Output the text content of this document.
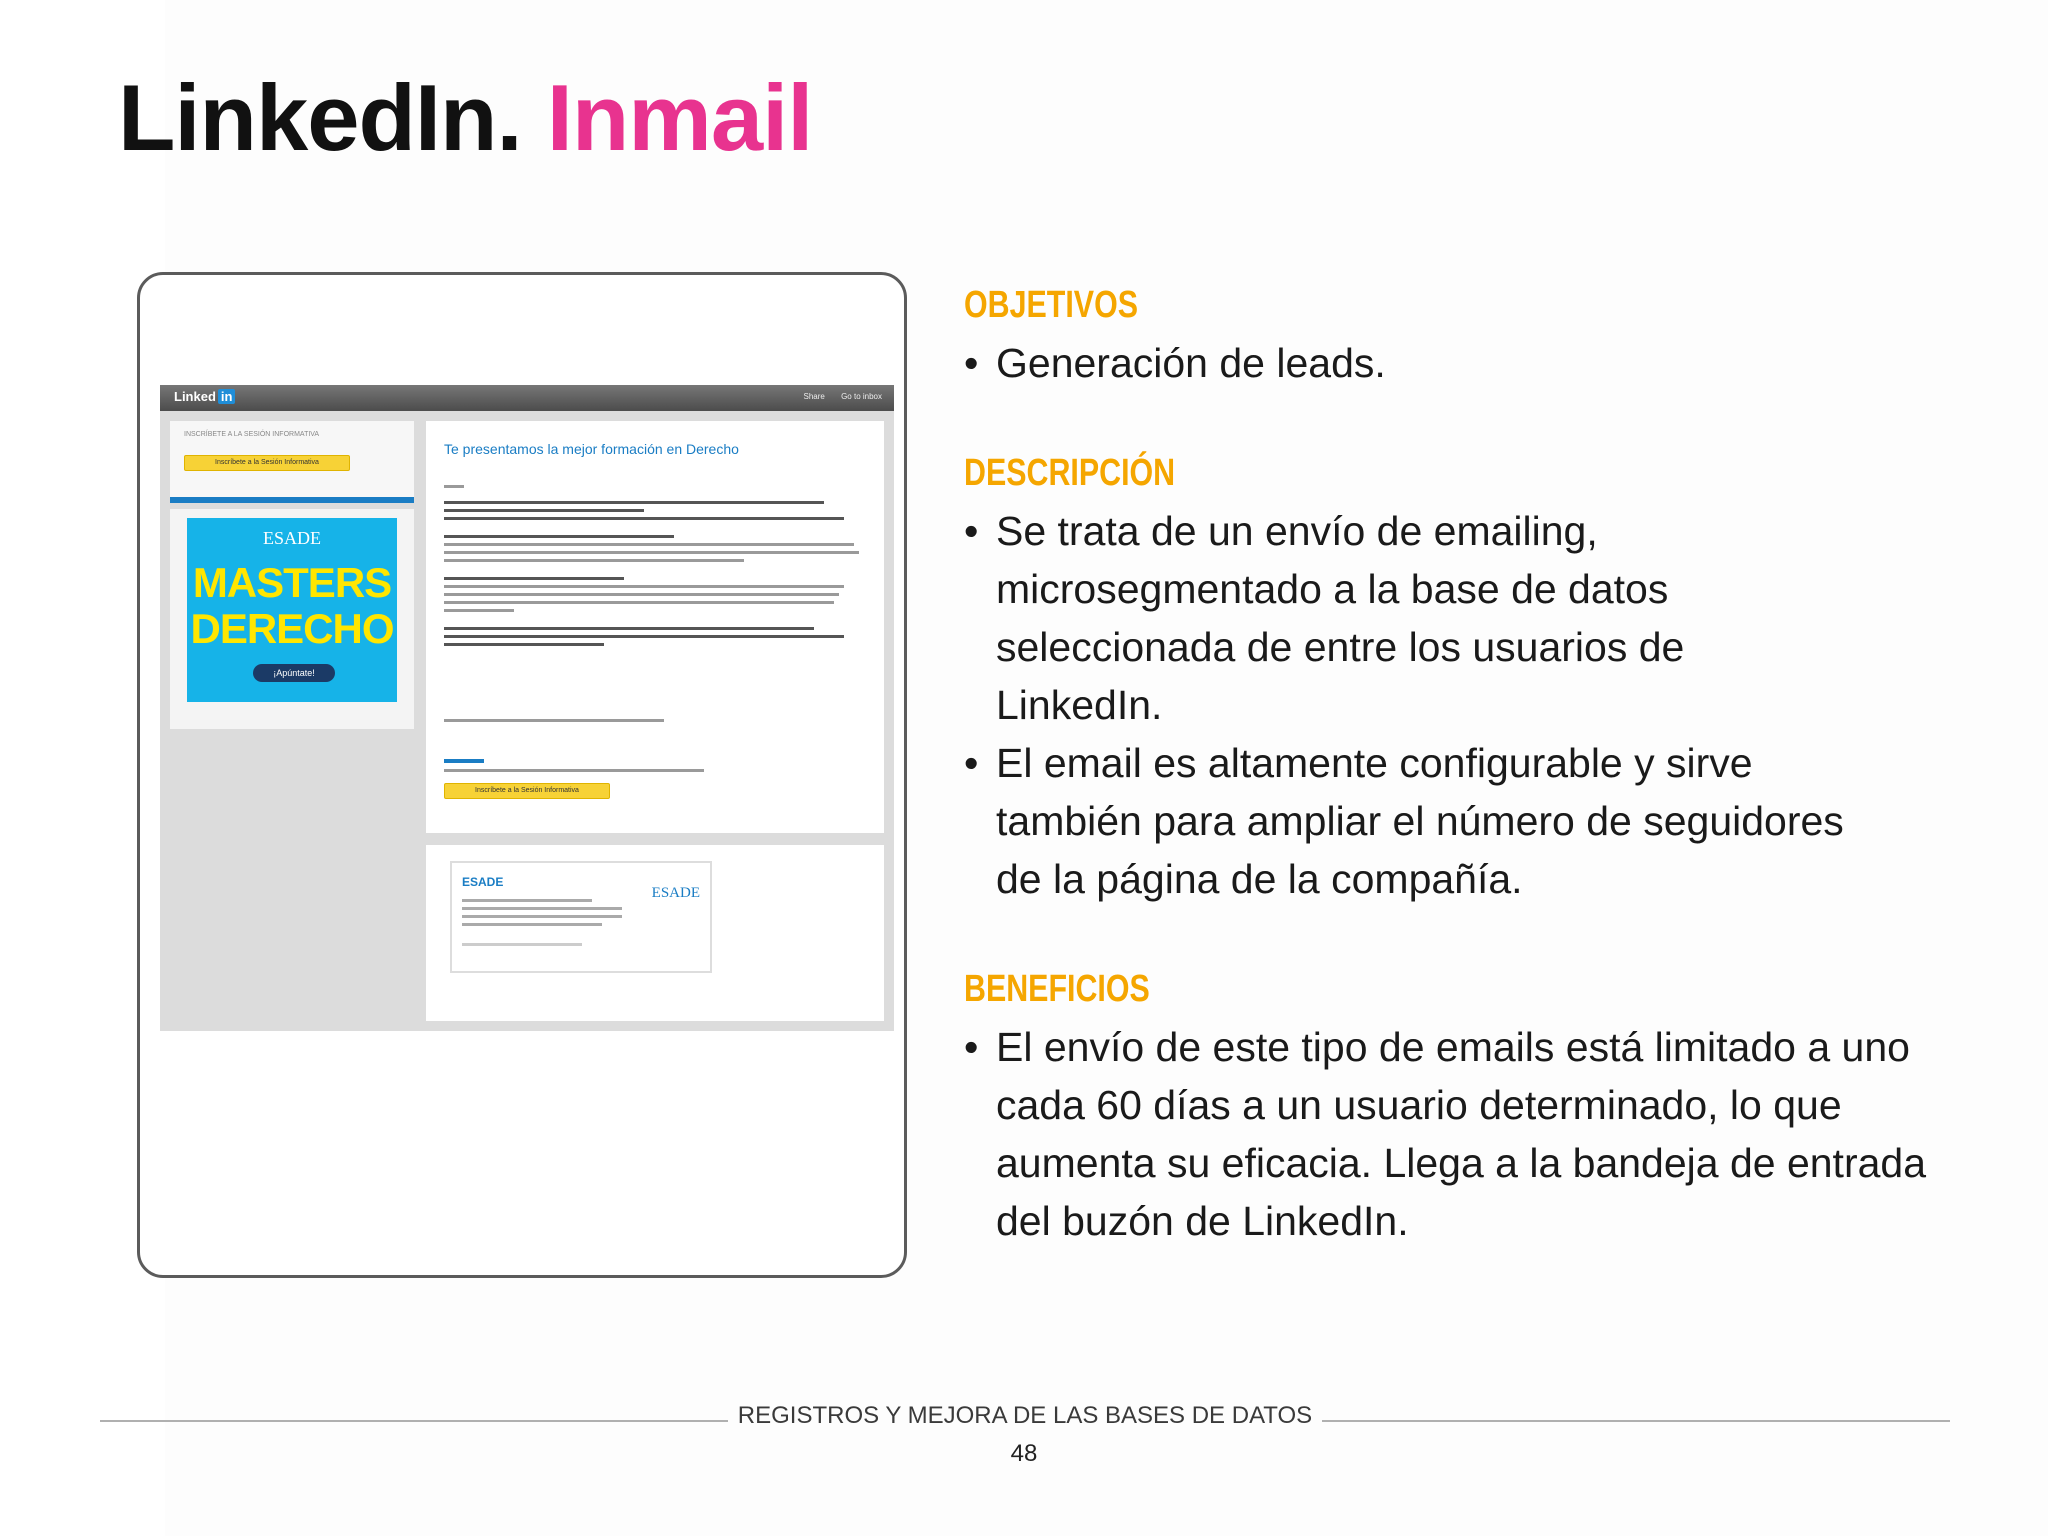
LinkedIn. Inmail
Linked in	Share Go to inbox
INSCRÍBETE A LA SESIÓN INFORMATIVA
Inscríbete a la Sesión Informativa
ESADE
MASTERS
DERECHO
¡Apúntate!
Te presentamos la mejor formación en Derecho
Inscríbete a la Sesión Informativa
ESADE
ESADE
OBJETIVOS
• Generación de leads.
DESCRIPCIÓN
• Se trata de un envío de emailing, microsegmentado a la base de datos seleccionada de entre los usuarios de LinkedIn.
• El email es altamente configurable y sirve también para ampliar el número de seguidores de la página de la compañía.
BENEFICIOS
• El envío de este tipo de emails está limitado a uno cada 60 días a un usuario determinado, lo que aumenta su eficacia. Llega a la bandeja de entrada del buzón de LinkedIn.
REGISTROS Y MEJORA DE LAS BASES DE DATOS
48
